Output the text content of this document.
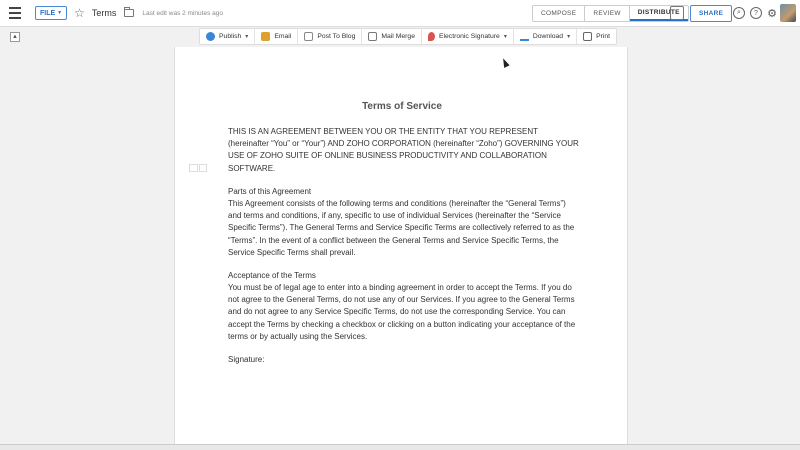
FILE ▼ ☆ Terms	Last edit was 2 minutes ago	COMPOSE	REVIEW	DISTRIBUTE	SHARE	⌕	? ⚙
▲	Publish ▾	Email	Post To Blog	Mail Merge	Electronic Signature ▾	Download ▾	Print
Terms of Service
THIS IS AN AGREEMENT BETWEEN YOU OR THE ENTITY THAT YOU REPRESENT (hereinafter “You” or “Your”) AND ZOHO CORPORATION (hereinafter “Zoho”) GOVERNING YOUR USE OF ZOHO SUITE OF ONLINE BUSINESS PRODUCTIVITY AND COLLABORATION SOFTWARE.
Parts of this Agreement
This Agreement consists of the following terms and conditions (hereinafter the “General Terms”) and terms and conditions, if any, specific to use of individual Services (hereinafter the “Service Specific Terms”). The General Terms and Service Specific Terms are collectively referred to as the “Terms”. In the event of a conflict between the General Terms and Service Specific Terms, the Service Specific Terms shall prevail.
Acceptance of the Terms
You must be of legal age to enter into a binding agreement in order to accept the Terms. If you do not agree to the General Terms, do not use any of our Services. If you agree to the General Terms and do not agree to any Service Specific Terms, do not use the corresponding Service. You can accept the Terms by checking a checkbox or clicking on a button indicating your acceptance of the terms or by actually using the Services.
Signature:
